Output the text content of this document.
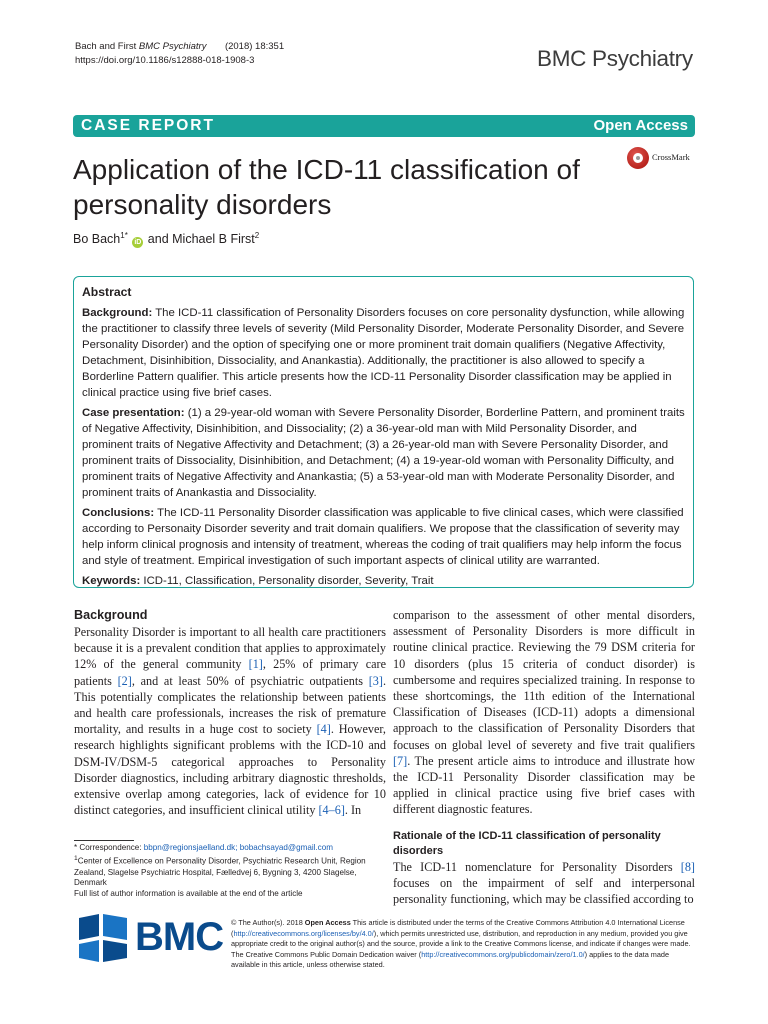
Bach and First BMC Psychiatry (2018) 18:351
https://doi.org/10.1186/s12888-018-1908-3	BMC Psychiatry
CASE REPORT	Open Access
Application of the ICD-11 classification of personality disorders
CrossMark
Bo Bach$^{1*}$ iD and Michael B First$^2$

Abstract

Background: The ICD-11 classification of Personality Disorders focuses on core personality dysfunction, while allowing the practitioner to classify three levels of severity (Mild Personality Disorder, Moderate Personality Disorder, and Severe Personality Disorder) and the option of specifying one or more prominent trait domain qualifiers (Negative Affectivity, Detachment, Disinhibition, Dissociality, and Anankastia). Additionally, the practitioner is also allowed to specify a Borderline Pattern qualifier. This article presents how the ICD-11 Personality Disorder classification may be applied in clinical practice using five brief cases.

Case presentation: (1) a 29-year-old woman with Severe Personality Disorder, Borderline Pattern, and prominent traits of Negative Affectivity, Disinhibition, and Dissociality; (2) a 36-year-old man with Mild Personality Disorder, and prominent traits of Negative Affectivity and Detachment; (3) a 26-year-old man with Severe Personality Disorder, and prominent traits of Dissociality, Disinhibition, and Detachment; (4) a 19-year-old woman with Personality Difficulty, and prominent traits of Negative Affectivity and Anankastia; (5) a 53-year-old man with Moderate Personality Disorder, and prominent traits of Anankastia and Dissociality.

Conclusions: The ICD-11 Personality Disorder classification was applicable to five clinical cases, which were classified according to Personaity Disorder severity and trait domain qualifiers. We propose that the classification of severity may help inform clinical prognosis and intensity of treatment, whereas the coding of trait qualifiers may help inform the focus and style of treatment. Empirical investigation of such important aspects of clinical utility are warranted.

Keywords: ICD-11, Classification, Personality disorder, Severity, Trait

Background

Personality Disorder is important to all health care practitioners because it is a prevalent condition that applies to approximately 12% of the general community [1], 25% of primary care patients [2], and at least 50% of psychiatric outpatients [3]. This potentially complicates the relationship between patients and health care professionals, increases the risk of premature mortality, and results in a huge cost to society [4]. However, research highlights significant problems with the ICD-10 and DSM-IV/DSM-5 categorical approaches to Personality Disorder diagnostics, including arbitrary diagnostic thresholds, extensive overlap among categories, lack of evidence for 10 distinct categories, and insufficient clinical utility [4–6]. In

comparison to the assessment of other mental disorders, assessment of Personality Disorders is more difficult in routine clinical practice. Reviewing the 79 DSM criteria for 10 disorders (plus 15 criteria of conduct disorder) is cumbersome and requires specialized training. In response to these shortcomings, the 11th edition of the International Classification of Diseases (ICD-11) adopts a dimensional approach to the classification of Personality Disorders that focuses on global level of severety and five trait qualifiers [7]. The present article aims to introduce and illustrate how the ICD-11 Personality Disorder classification may be applied in clinical practice using five brief cases with different diagnostic features.

Rationale of the ICD-11 classification of personality disorders

The ICD-11 nomenclature for Personality Disorders [8] focuses on the impairment of self and interpersonal personality functioning, which may be classified according to

* Correspondence: bbpn@regionsjaelland.dk; bobachsayad@gmail.com

$^1$Center of Excellence on Personality Disorder, Psychiatric Research Unit, Region Zealand, Slagelse Psychiatric Hospital, Fælledvej 6, Bygning 3, 4200 Slagelse, Denmark

Full list of author information is available at the end of the article

BMC © The Author(s). 2018 Open Access This article is distributed under the terms of the Creative Commons Attribution 4.0 International License (http://creativecommons.org/licenses/by/4.0/), which permits unrestricted use, distribution, and reproduction in any medium, provided you give appropriate credit to the original author(s) and the source, provide a link to the Creative Commons license, and indicate if changes were made. The Creative Commons Public Domain Dedication waiver (http://creativecommons.org/publicdomain/zero/1.0/) applies to the data made available in this article, unless otherwise stated.
